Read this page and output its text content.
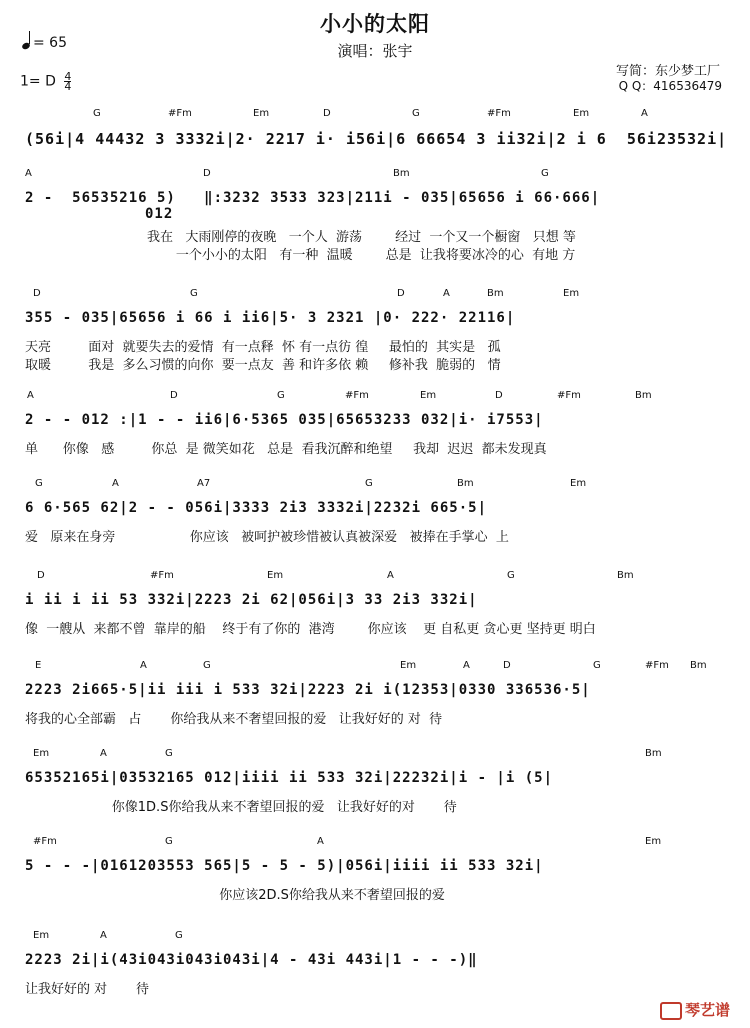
小小的太阳
演唱：张宇
= 65
1= D $\frac{4}{4}$
写简：东少梦工厂
Q Q：416536479
G	#Fm	Em	D	G	#Fm	Em	A
(56i|4 44432 3 3332i|2· 2217 i· i56i|6 66654 3 ii32i|2 i 6  56i23532i|
A	D	Bm	G
2 -  56535216 5)   ‖:3232 3533 323|211i - 035|65656 i 66·666|
012
我在   大雨刚停的夜晚   一个人  游荡        经过  一个又一个橱窗   只想 等
一个小小的太阳   有一种  温暖        总是  让我将要冰冷的心  有地 方
D	G	D	A	Bm	Em
355 - 035|65656 i 66 i ii6|5· 3 2321 |0· 222· 22116|
天亮         面对  就要失去的爱情  有一点释  怀 有一点彷 徨     最怕的  其实是   孤
取暖         我是  多么习惯的向你  要一点友  善 和许多依 赖     修补我  脆弱的   情
A	D	G	#Fm	Em	D	#Fm	Bm
2 - - 012 :|1 - - ii6|6·5365 035|65653233 032|i· i7553|
单      你像   感         你总  是 微笑如花   总是  看我沉醉和绝望     我却  迟迟  都未发现真
G	A	A7	G	Bm	Em
6 6·565 62|2 - - 056i|3333 2i3 3332i|2232i 665·5|
爱   原来在身旁                  你应该   被呵护被珍惜被认真被深爱   被捧在手掌心  上
D	#Fm	Em	A	G	Bm
i ii i ii 53 332i|2223 2i 62|056i|3 33 2i3 332i|
像  一艘从  来都不曾  靠岸的船    终于有了你的  港湾        你应该    更 自私更 贪心更 坚持更 明白
E	A	G	Em	A	D	G	#Fm Bm
2223 2i665·5|ii iii i 533 32i|2223 2i i(12353|0330 336536·5|
将我的心全部霸   占       你给我从来不奢望回报的爱   让我好好的 对  待
Em	A	G	Bm
65352165i|03532165 012|iiii ii 533 32i|22232i|i - |i (5|
你像1D.S你给我从来不奢望回报的爱   让我好好的对       待
#Fm	G	A	Em
5 - - -|0161203553 565|5 - 5 - 5)|056i|iiii ii 533 32i|
你应该2D.S你给我从来不奢望回报的爱
Em	A	G
2223 2i|i(43i043i043i043i|4 - 43i 443i|1 - - -)‖
让我好好的 对       待
琴艺谱
